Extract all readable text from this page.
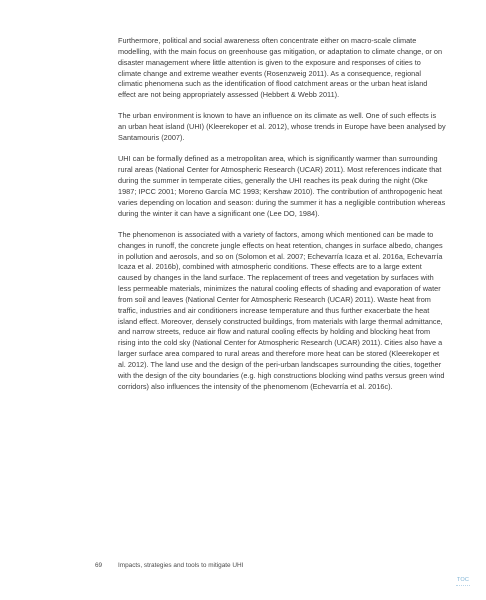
Furthermore, political and social awareness often concentrate either on macro-scale climate modelling, with the main focus on greenhouse gas mitigation, or adaptation to climate change, or on disaster management where little attention is given to the exposure and responses of cities to climate change and extreme weather events (Rosenzweig 2011). As a consequence, regional climatic phenomena such as the identification of flood catchment areas or the urban heat island effect are not being appropriately assessed (Hebbert & Webb 2011).

The urban environment is known to have an influence on its climate as well. One of such effects is an urban heat island (UHI) (Kleerekoper et al. 2012), whose trends in Europe have been analysed by Santamouris (2007).

UHI can be formally defined as a metropolitan area, which is significantly warmer than surrounding rural areas (National Center for Atmospheric Research (UCAR) 2011). Most references indicate that during the summer in temperate cities, generally the UHI reaches its peak during the night (Oke 1987; IPCC 2001; Moreno García MC 1993; Kershaw 2010). The contribution of anthropogenic heat varies depending on location and season: during the summer it has a negligible contribution whereas during the winter it can have a significant one (Lee DO, 1984).

The phenomenon is associated with a variety of factors, among which mentioned can be made to changes in runoff, the concrete jungle effects on heat retention, changes in surface albedo, changes in pollution and aerosols, and so on (Solomon et al. 2007; Echevarría Icaza et al. 2016a, Echevarría Icaza et al. 2016b), combined with atmospheric conditions. These effects are to a large extent caused by changes in the land surface. The replacement of trees and vegetation by surfaces with less permeable materials, minimizes the natural cooling effects of shading and evaporation of water from soil and leaves (National Center for Atmospheric Research (UCAR) 2011). Waste heat from traffic, industries and air conditioners increase temperature and thus further exacerbate the heat island effect. Moreover, densely constructed buildings, from materials with large thermal admittance, and narrow streets, reduce air flow and natural cooling effects by holding and blocking heat from rising into the cold sky (National Center for Atmospheric Research (UCAR) 2011). Cities also have a larger surface area compared to rural areas and therefore more heat can be stored (Kleerekoper et al. 2012). The land use and the design of the peri-urban landscapes surrounding the cities, together with the design of the city boundaries (e.g. high constructions blocking wind paths versus green wind corridors) also influences the intensity of the phenomenom (Echevarría et al. 2016c).

69 Impacts, strategies and tools to mitigate UHI
TOC
